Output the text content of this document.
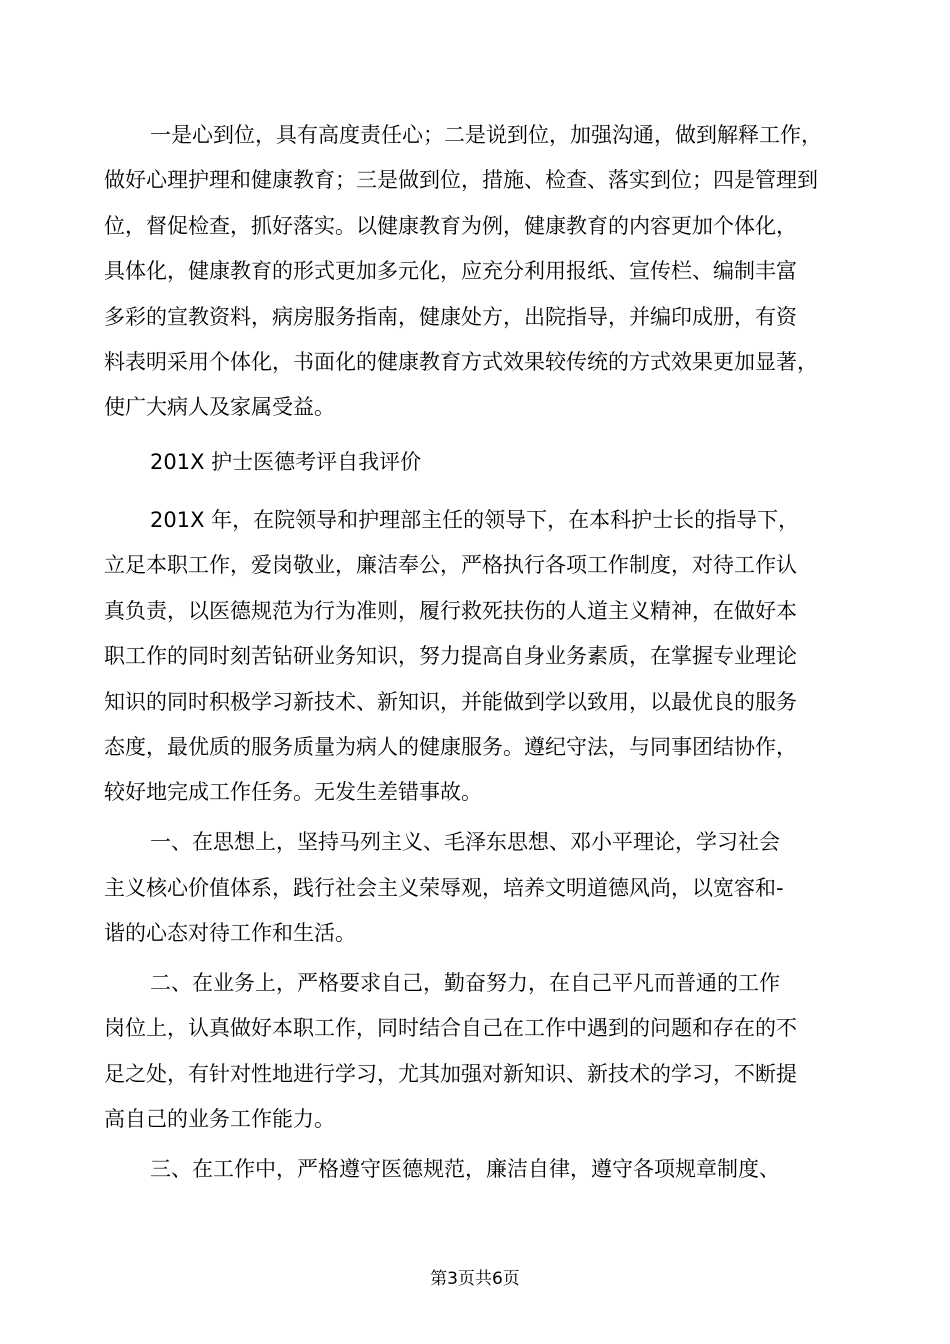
一是心到位，具有高度责任心；二是说到位，加强沟通，做到解释工作，
做好心理护理和健康教育；三是做到位，措施、检查、落实到位；四是管理到
位，督促检查，抓好落实。以健康教育为例，健康教育的内容更加个体化，
具体化，健康教育的形式更加多元化，应充分利用报纸、宣传栏、编制丰富
多彩的宣教资料，病房服务指南，健康处方，出院指导，并编印成册，有资
料表明采用个体化，书面化的健康教育方式效果较传统的方式效果更加显著，
使广大病人及家属受益。
201X 护士医德考评自我评价
201X 年，在院领导和护理部主任的领导下，在本科护士长的指导下，
立足本职工作，爱岗敬业，廉洁奉公，严格执行各项工作制度，对待工作认
真负责，以医德规范为行为准则，履行救死扶伤的人道主义精神，在做好本
职工作的同时刻苦钻研业务知识，努力提高自身业务素质，在掌握专业理论
知识的同时积极学习新技术、新知识，并能做到学以致用，以最优良的服务
态度，最优质的服务质量为病人的健康服务。遵纪守法，与同事团结协作，
较好地完成工作任务。无发生差错事故。
一、在思想上，坚持马列主义、毛泽东思想、邓小平理论，学习社会
主义核心价值体系，践行社会主义荣辱观，培养文明道德风尚，以宽容和-
谐的心态对待工作和生活。
二、在业务上，严格要求自己，勤奋努力，在自己平凡而普通的工作
岗位上，认真做好本职工作，同时结合自己在工作中遇到的问题和存在的不
足之处，有针对性地进行学习，尤其加强对新知识、新技术的学习，不断提
高自己的业务工作能力。
三、在工作中，严格遵守医德规范，廉洁自律，遵守各项规章制度、
第3页共6页
